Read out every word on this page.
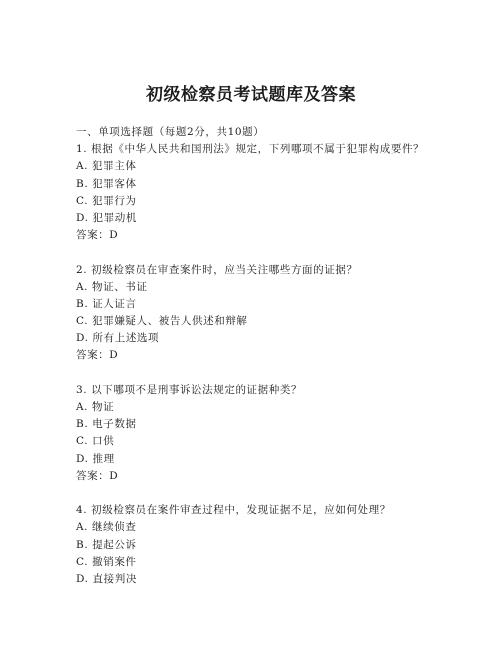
初级检察员考试题库及答案
一、单项选择题（每题2分，共10题）
1. 根据《中华人民共和国刑法》规定，下列哪项不属于犯罪构成要件？
A. 犯罪主体
B. 犯罪客体
C. 犯罪行为
D. 犯罪动机
答案：D
2. 初级检察员在审查案件时，应当关注哪些方面的证据？
A. 物证、书证
B. 证人证言
C. 犯罪嫌疑人、被告人供述和辩解
D. 所有上述选项
答案：D
3. 以下哪项不是刑事诉讼法规定的证据种类？
A. 物证
B. 电子数据
C. 口供
D. 推理
答案：D
4. 初级检察员在案件审查过程中，发现证据不足，应如何处理？
A. 继续侦查
B. 提起公诉
C. 撤销案件
D. 直接判决
